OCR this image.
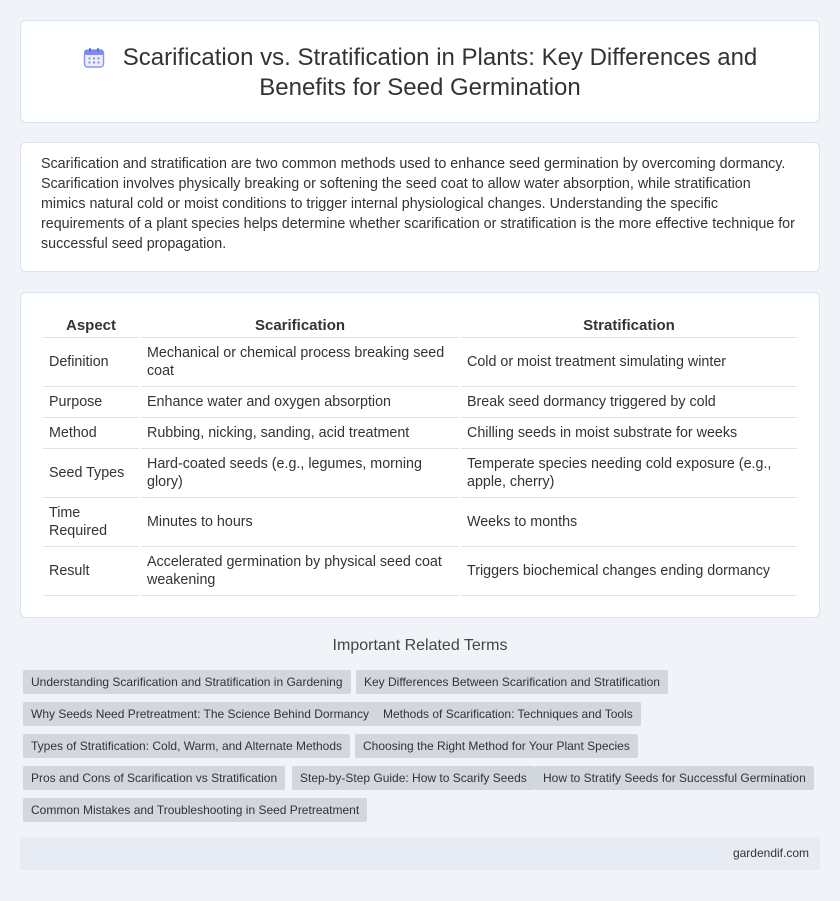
Scarification vs. Stratification in Plants: Key Differences and
Benefits for Seed Germination

Scarification and stratification are two common methods used to enhance seed germination by overcoming dormancy. Scarification involves physically breaking or softening the seed coat to allow water absorption, while stratification mimics natural cold or moist conditions to trigger internal physiological changes. Understanding the specific requirements of a plant species helps determine whether scarification or stratification is the more effective technique for successful seed propagation.

Aspect	Scarification	Stratification
Definition	Mechanical or chemical process breaking seed coat	Cold or moist treatment simulating winter
Purpose	Enhance water and oxygen absorption	Break seed dormancy triggered by cold
Method	Rubbing, nicking, sanding, acid treatment	Chilling seeds in moist substrate for weeks
Seed Types	Hard-coated seeds (e.g., legumes, morning glory)	Temperate species needing cold exposure (e.g., apple, cherry)
Time Required	Minutes to hours	Weeks to months
Result	Accelerated germination by physical seed coat weakening	Triggers biochemical changes ending dormancy
Important Related Terms
Understanding Scarification and Stratification in Gardening	Key Differences Between Scarification and Stratification
Why Seeds Need Pretreatment: The Science Behind Dormancy	Methods of Scarification: Techniques and Tools
Types of Stratification: Cold, Warm, and Alternate Methods	Choosing the Right Method for Your Plant Species
Pros and Cons of Scarification vs Stratification	Step-by-Step Guide: How to Scarify Seeds	How to Stratify Seeds for Successful Germination
Common Mistakes and Troubleshooting in Seed Pretreatment
gardendif.com
